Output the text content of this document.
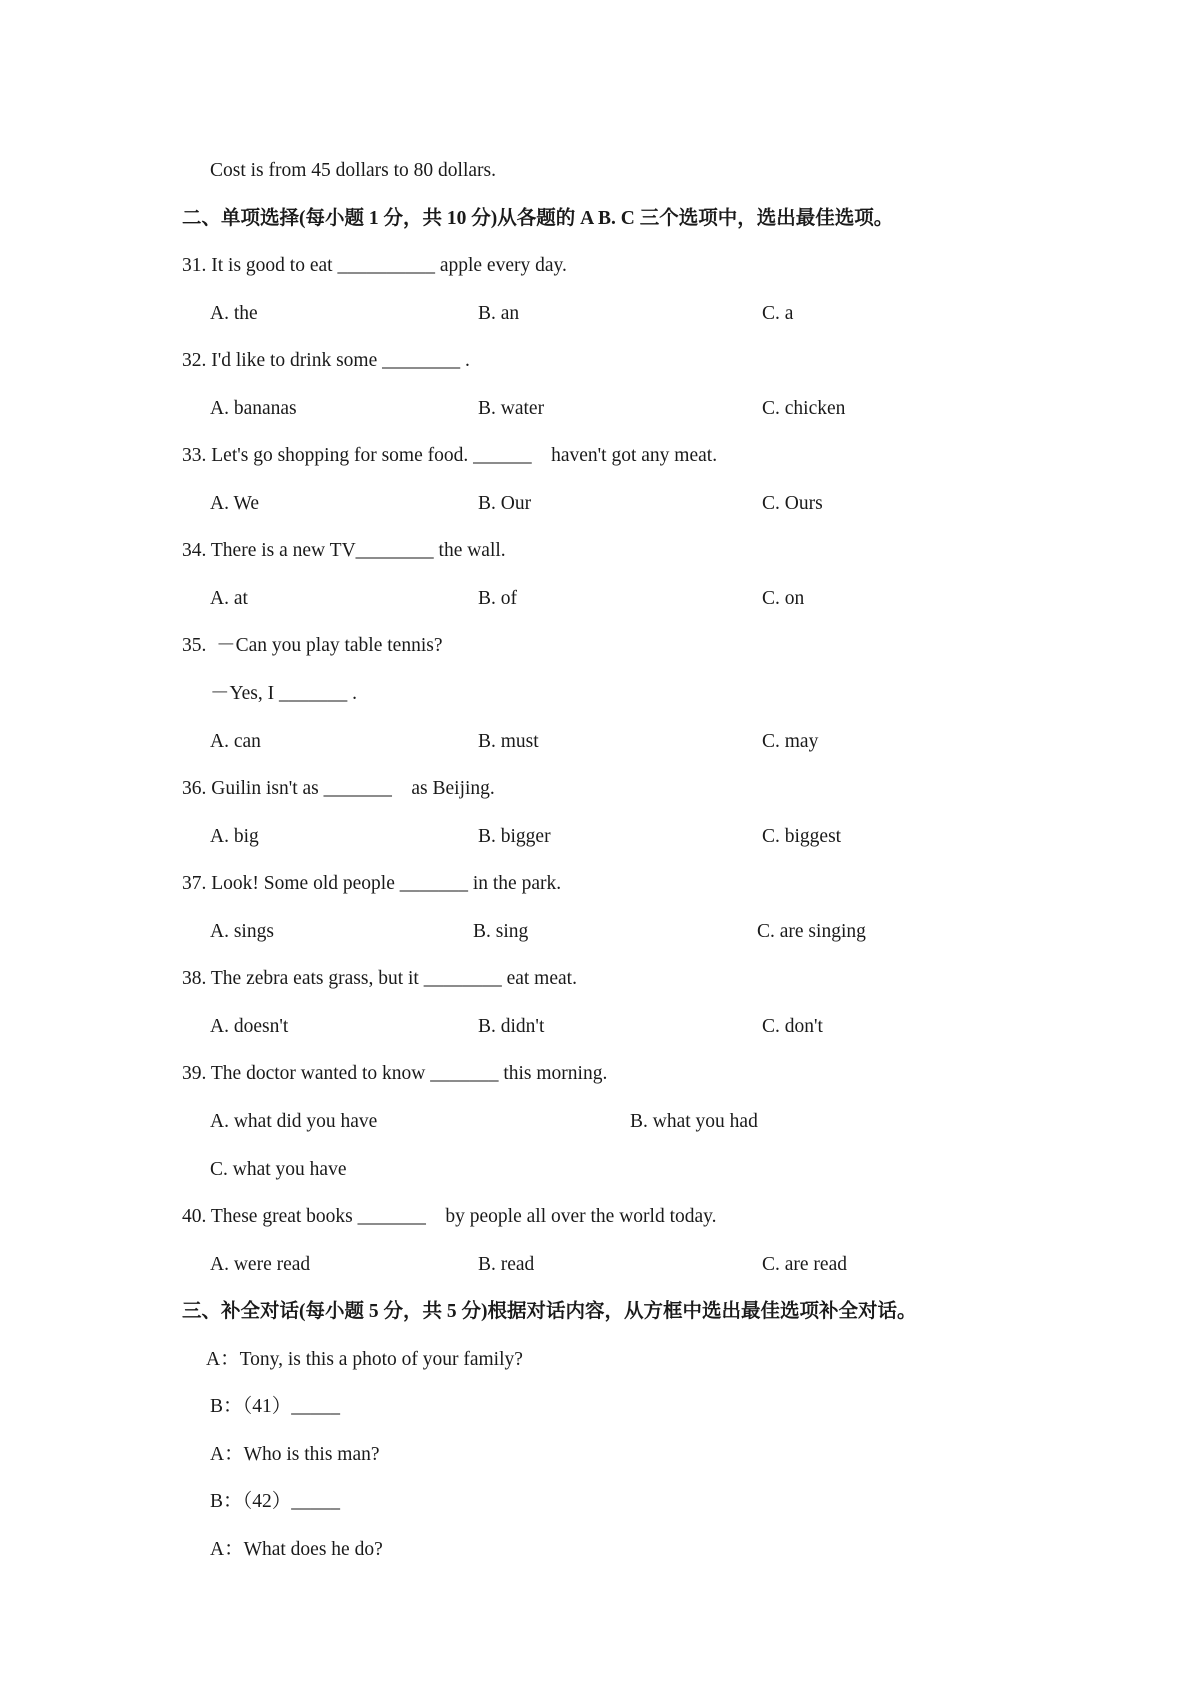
Cost is from 45 dollars to 80 dollars.
二、单项选择(每小题 1 分，共 10 分)从各题的 A B. C 三个选项中，选出最佳选项。
31. It is good to eat __________ apple every day.
A. the	B. an	C. a
32. I'd like to drink some ________ .
A. bananas	B. water	C. chicken
33. Let's go shopping for some food. ______    haven't got any meat.
A. We	B. Our	C. Ours
34. There is a new TV________ the wall.
A. at	B. of	C. on
35.  －Can you play table tennis?
－Yes, I _______ .
A. can	B. must	C. may
36. Guilin isn't as _______    as Beijing.
A. big	B. bigger	C. biggest
37. Look! Some old people _______ in the park.
A. sings	B. sing	C. are singing
38. The zebra eats grass, but it ________ eat meat.
A. doesn't	B. didn't	C. don't
39. The doctor wanted to know _______ this morning.
A. what did you have	B. what you had
C. what you have
40. These great books _______    by people all over the world today.
A. were read	B. read	C. are read
三、补全对话(每小题 5 分，共 5 分)根据对话内容，从方框中选出最佳选项补全对话。
A：Tony, is this a photo of your family?
B：（41）_____
A：Who is this man?
B：（42）_____
A：What does he do?
